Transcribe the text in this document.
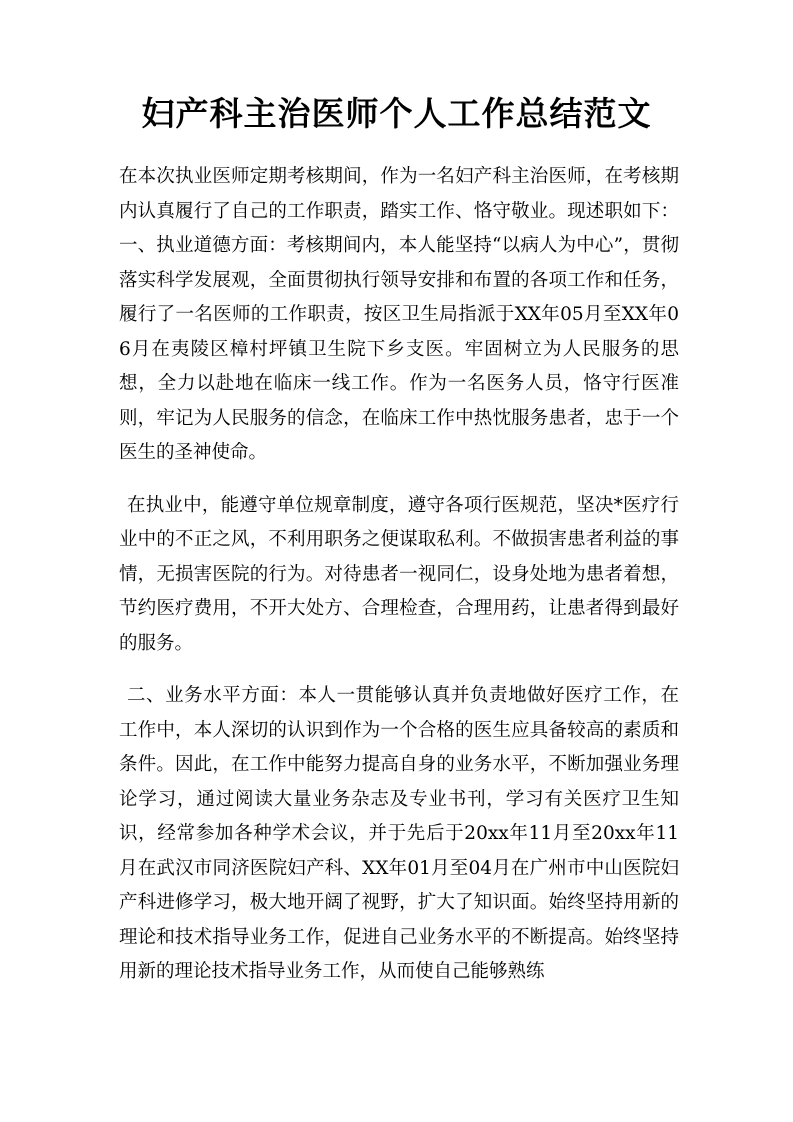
妇产科主治医师个人工作总结范文

在本次执业医师定期考核期间，作为一名妇产科主治医师，在考核期内认真履行了自己的工作职责，踏实工作、恪守敬业。现述职如下： 一、执业道德方面：考核期间内，本人能坚持“以病人为中心”，贯彻落实科学发展观，全面贯彻执行领导安排和布置的各项工作和任务，履行了一名医师的工作职责，按区卫生局指派于XX年05月至XX年06月在夷陵区樟村坪镇卫生院下乡支医。牢固树立为人民服务的思想，全力以赴地在临床一线工作。作为一名医务人员，恪守行医准则，牢记为人民服务的信念，在临床工作中热忱服务患者，忠于一个医生的圣神使命。

在执业中，能遵守单位规章制度，遵守各项行医规范，坚决*医疗行业中的不正之风，不利用职务之便谋取私利。不做损害患者利益的事情，无损害医院的行为。对待患者一视同仁，设身处地为患者着想，节约医疗费用，不开大处方、合理检查，合理用药，让患者得到最好的服务。

二、业务水平方面：本人一贯能够认真并负责地做好医疗工作，在工作中，本人深切的认识到作为一个合格的医生应具备较高的素质和条件。因此，在工作中能努力提高自身的业务水平，不断加强业务理论学习，通过阅读大量业务杂志及专业书刊，学习有关医疗卫生知识，经常参加各种学术会议，并于先后于20xx年11月至20xx年11月在武汉市同济医院妇产科、XX年01月至04月在广州市中山医院妇产科进修学习，极大地开阔了视野，扩大了知识面。始终坚持用新的理论和技术指导业务工作，促进自己业务水平的不断提高。始终坚持用新的理论技术指导业务工作，从而使自己能够熟练
